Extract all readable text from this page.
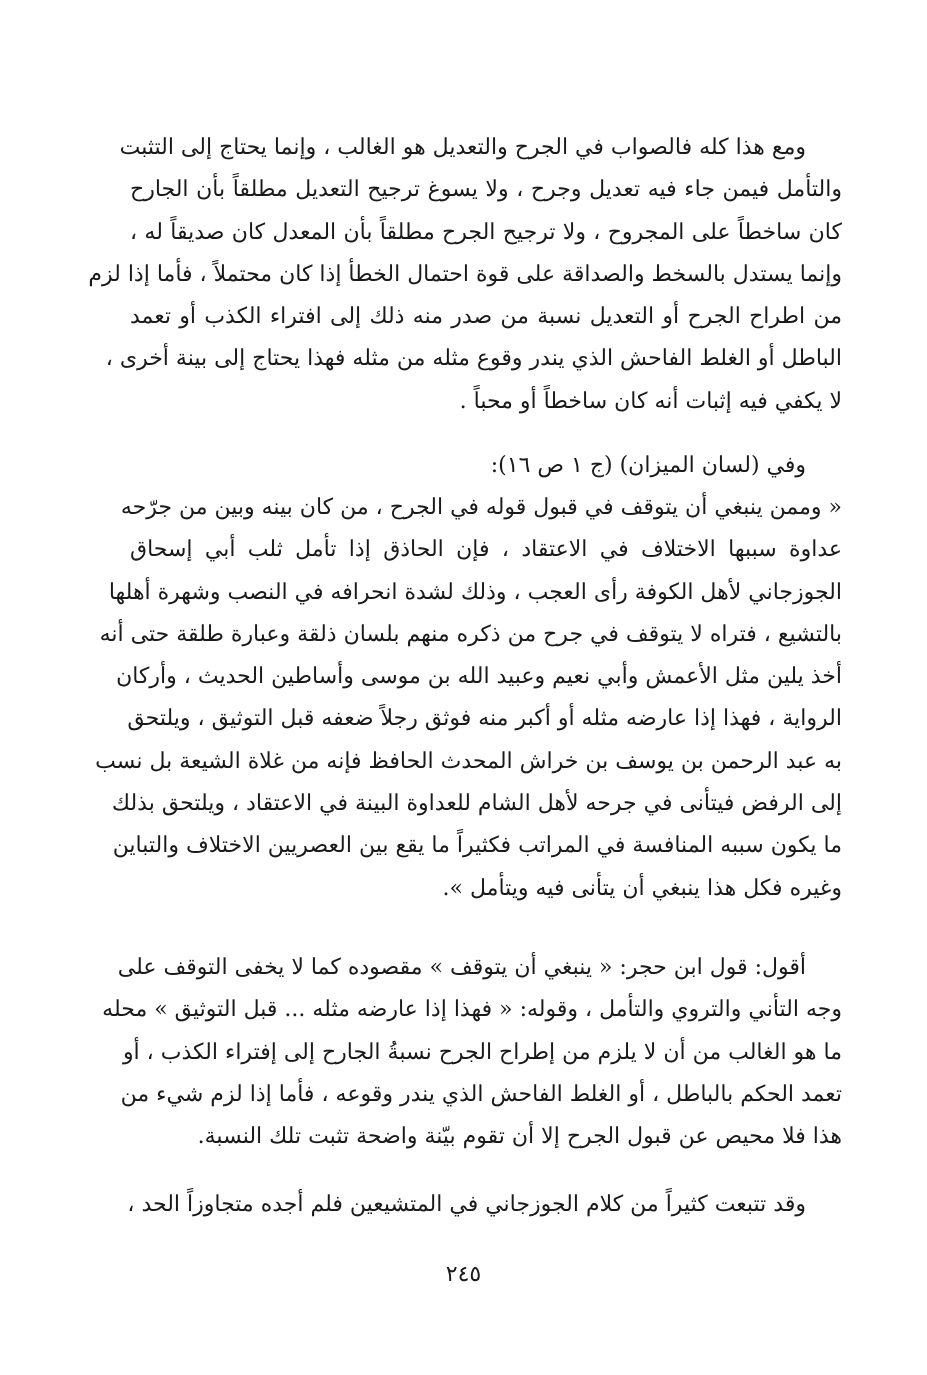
ومع هذا كله فالصواب في الجرح والتعديل هو الغالب ، وإنما يحتاج إلى التثبت
والتأمل فيمن جاء فيه تعديل وجرح ، ولا يسوغ ترجيح التعديل مطلقاً بأن الجارح
كان ساخطاً على المجروح ، ولا ترجيح الجرح مطلقاً بأن المعدل كان صديقاً له ،
وإنما يستدل بالسخط والصداقة على قوة احتمال الخطأ إذا كان محتملاً ، فأما إذا لزم
من اطراح الجرح أو التعديل نسبة من صدر منه ذلك إلى افتراء الكذب أو تعمد
الباطل أو الغلط الفاحش الذي يندر وقوع مثله من مثله فهذا يحتاج إلى بينة أخرى ،
لا يكفي فيه إثبات أنه كان ساخطاً أو محباً .
وفي (لسان الميزان) (ج ١ ص ١٦):
« وممن ينبغي أن يتوقف في قبول قوله في الجرح ، من كان بينه وبين من جرّحه
عداوة سببها الاختلاف في الاعتقاد ، فإن الحاذق إذا تأمل ثلب أبي إسحاق
الجوزجاني لأهل الكوفة رأى العجب ، وذلك لشدة انحرافه في النصب وشهرة أهلها
بالتشيع ، فتراه لا يتوقف في جرح من ذكره منهم بلسان ذلقة وعبارة طلقة حتى أنه
أخذ يلين مثل الأعمش وأبي نعيم وعبيد الله بن موسى وأساطين الحديث ، وأركان
الرواية ، فهذا إذا عارضه مثله أو أكبر منه فوثق رجلاً ضعفه قبل التوثيق ، ويلتحق
به عبد الرحمن بن يوسف بن خراش المحدث الحافظ فإنه من غلاة الشيعة بل نسب
إلى الرفض فيتأنى في جرحه لأهل الشام للعداوة البينة في الاعتقاد ، ويلتحق بذلك
ما يكون سببه المنافسة في المراتب فكثيراً ما يقع بين العصريين الاختلاف والتباين
وغيره فكل هذا ينبغي أن يتأنى فيه ويتأمل ».
أقول: قول ابن حجر: « ينبغي أن يتوقف » مقصوده كما لا يخفى التوقف على
وجه التأني والتروي والتأمل ، وقوله: « فهذا إذا عارضه مثله ... قبل التوثيق » محله
ما هو الغالب من أن لا يلزم من إطراح الجرح نسبةُ الجارح إلى إفتراء الكذب ، أو
تعمد الحكم بالباطل ، أو الغلط الفاحش الذي يندر وقوعه ، فأما إذا لزم شيء من
هذا فلا محيص عن قبول الجرح إلا أن تقوم بيّنة واضحة تثبت تلك النسبة.
وقد تتبعت كثيراً من كلام الجوزجاني في المتشيعين فلم أجده متجاوزاً الحد ،
٢٤٥
